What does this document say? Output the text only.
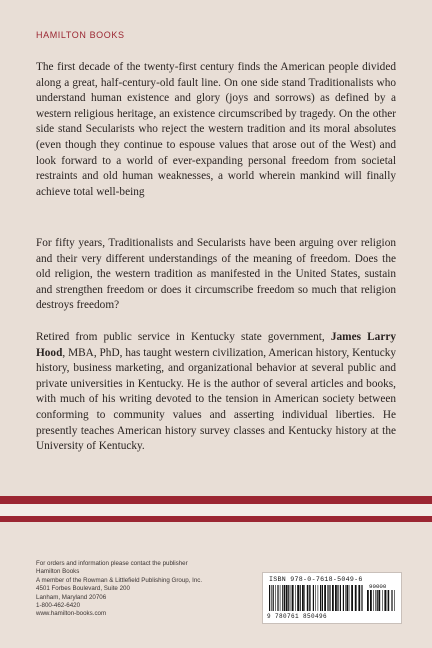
HAMILTON BOOKS

The first decade of the twenty-first century finds the American people divided along a great, half-century-old fault line. On one side stand Traditionalists who understand human existence and glory (joys and sorrows) as defined by a western religious heritage, an existence circumscribed by tragedy. On the other side stand Secularists who reject the western tradition and its moral absolutes (even though they continue to espouse values that arose out of the West) and look forward to a world of ever-expanding personal freedom from societal restraints and old human weaknesses, a world wherein mankind will finally achieve total well-being

For fifty years, Traditionalists and Secularists have been arguing over religion and their very different understandings of the meaning of freedom. Does the old religion, the western tradition as manifested in the United States, sustain and strengthen freedom or does it circumscribe freedom so much that religion destroys freedom?

Retired from public service in Kentucky state government, James Larry Hood, MBA, PhD, has taught western civilization, American history, Kentucky history, business marketing, and organizational behavior at several public and private universities in Kentucky. He is the author of several articles and books, with much of his writing devoted to the tension in American society between conforming to community values and asserting individual liberties. He presently teaches American history survey classes and Kentucky history at the University of Kentucky.

For orders and information please contact the publisher
Hamilton Books
A member of the Rowman & Littlefield Publishing Group, Inc.
4501 Forbes Boulevard, Suite 200
Lanham, Maryland 20706
1-800-462-6420
www.hamilton-books.com
ISBN 978-0-7618-5049-6
90000
9 780761 850496
